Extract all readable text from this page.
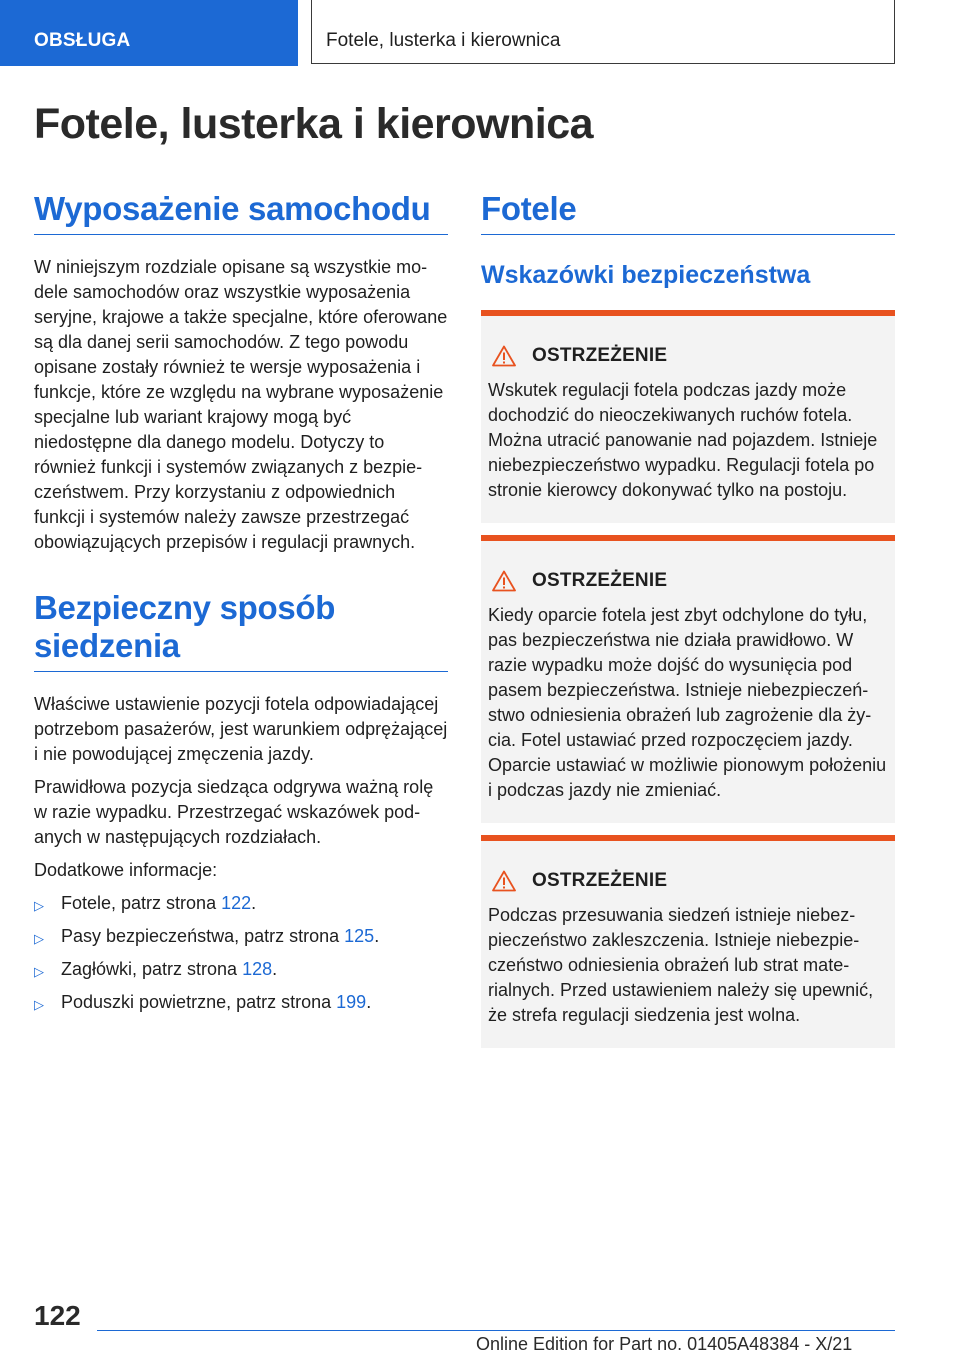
OBSŁUGA	Fotele, lusterka i kierownica
Fotele, lusterka i kierownica
Wyposażenie samochodu

W niniejszym rozdziale opisane są wszystkie modele samochodów oraz wszystkie wyposażenia seryjne, krajowe a także specjalne, które oferowane są dla danej serii samochodów. Z tego powodu opisane zostały również te wersje wyposażenia i funkcje, które ze względu na wybrane wyposażenie specjalne lub wariant krajowy mogą być niedostępne dla danego modelu. Dotyczy to również funkcji i systemów związanych z bezpieczeństwem. Przy korzystaniu z odpowiednich funkcji i systemów należy zawsze przestrzegać obowiązujących przepisów i regulacji prawnych.

Bezpieczny sposób siedzenia

Właściwe ustawienie pozycji fotela odpowiadającej potrzebom pasażerów, jest warunkiem odprężającej i nie powodującej zmęczenia jazdy.

Prawidłowa pozycja siedząca odgrywa ważną rolę w razie wypadku. Przestrzegać wskazówek podanych w następujących rozdziałach.

Dodatkowe informacje:

▷ Fotele, patrz strona 122.
▷ Pasy bezpieczeństwa, patrz strona 125.
▷ Zagłówki, patrz strona 128.
▷ Poduszki powietrzne, patrz strona 199.
Fotele
Wskazówki bezpieczeństwa
OSTRZEŻENIE

Wskutek regulacji fotela podczas jazdy może dochodzić do nieoczekiwanych ruchów fotela. Można utracić panowanie nad pojazdem. Istnieje niebezpieczeństwo wypadku. Regulacji fotela po stronie kierowcy dokonywać tylko na postoju.

OSTRZEŻENIE

Kiedy oparcie fotela jest zbyt odchylone do tyłu, pas bezpieczeństwa nie działa prawidłowo. W razie wypadku może dojść do wysunięcia pod pasem bezpieczeństwa. Istnieje niebezpieczeństwo odniesienia obrażeń lub zagrożenie dla życia. Fotel ustawiać przed rozpoczęciem jazdy. Oparcie ustawiać w możliwie pionowym położeniu i podczas jazdy nie zmieniać.

OSTRZEŻENIE

Podczas przesuwania siedzeń istnieje niebezpieczeństwo zakleszczenia. Istnieje niebezpieczeństwo odniesienia obrażeń lub strat materialnych. Przed ustawieniem należy się upewnić, że strefa regulacji siedzenia jest wolna.

122
Online Edition for Part no. 01405A48384 - X/21
